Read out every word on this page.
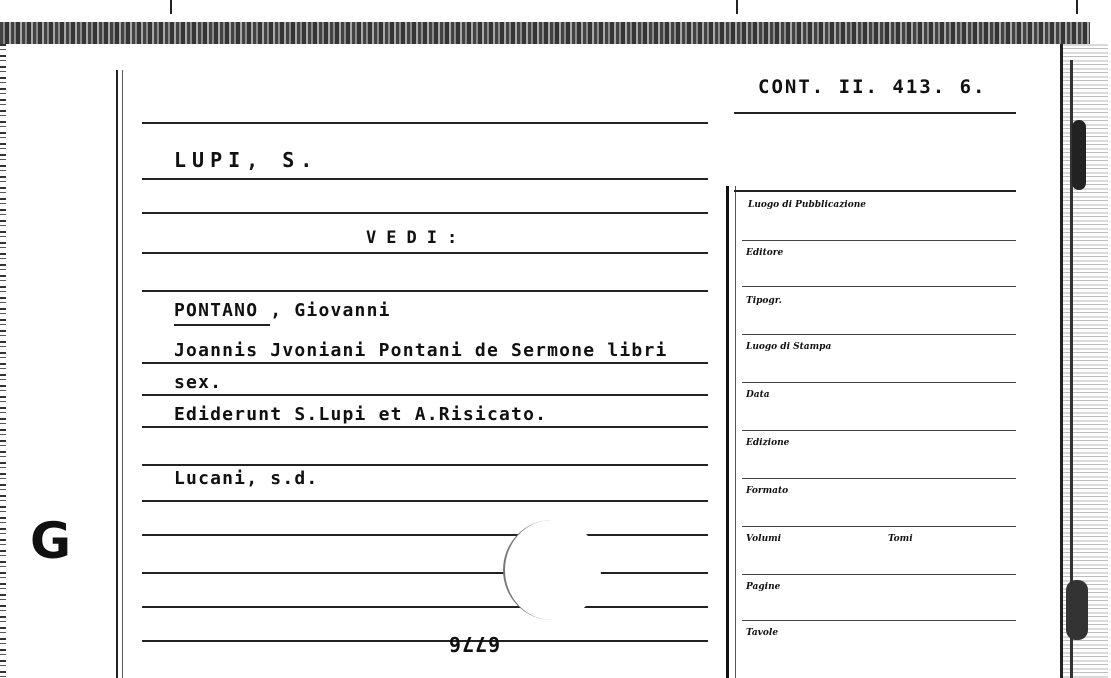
CONT. II. 413. 6.
LUPI, S.
VEDI:
PONTANO , Giovanni
Joannis Jvoniani Pontani de Sermone libri
sex.
Ediderunt S.Lupi et A.Risicato.
Lucani, s.d.
6776
G
Luogo di Pubblicazione
Editore
Tipogr.
Luogo di Stampa
Data
Edizione
Formato
Volumi	Tomi
Pagine
Tavole
